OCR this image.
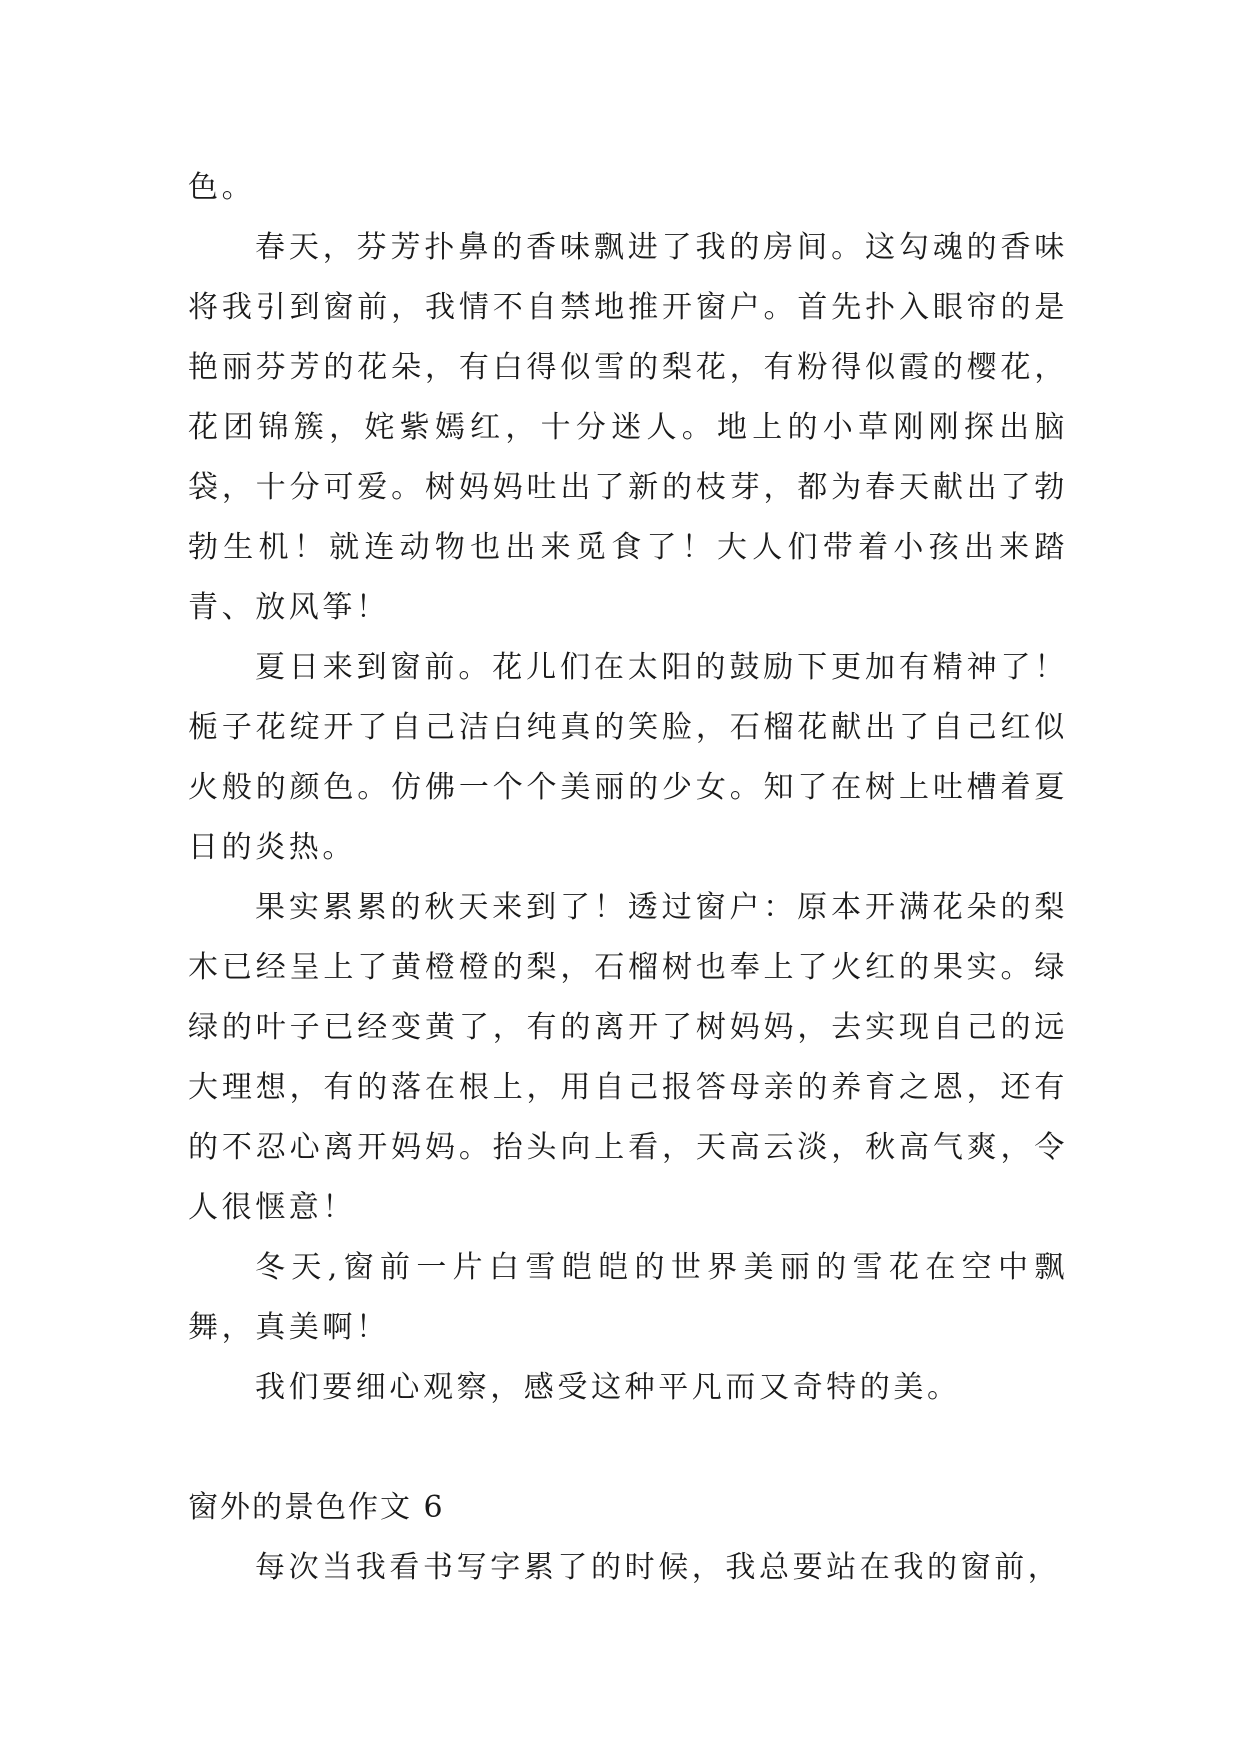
色。

春天，芬芳扑鼻的香味飘进了我的房间。这勾魂的香味将我引到窗前，我情不自禁地推开窗户。首先扑入眼帘的是艳丽芬芳的花朵，有白得似雪的梨花，有粉得似霞的樱花，花团锦簇，姹紫嫣红，十分迷人。地上的小草刚刚探出脑袋，十分可爱。树妈妈吐出了新的枝芽，都为春天献出了勃勃生机！就连动物也出来觅食了！大人们带着小孩出来踏青、放风筝！

夏日来到窗前。花儿们在太阳的鼓励下更加有精神了！栀子花绽开了自己洁白纯真的笑脸，石榴花献出了自己红似火般的颜色。仿佛一个个美丽的少女。知了在树上吐槽着夏日的炎热。

果实累累的秋天来到了！透过窗户：原本开满花朵的梨木已经呈上了黄橙橙的梨，石榴树也奉上了火红的果实。绿绿的叶子已经变黄了，有的离开了树妈妈，去实现自己的远大理想，有的落在根上，用自己报答母亲的养育之恩，还有的不忍心离开妈妈。抬头向上看，天高云淡，秋高气爽，令人很惬意！

冬天,窗前一片白雪皑皑的世界美丽的雪花在空中飘舞，真美啊！

我们要细心观察，感受这种平凡而又奇特的美。

窗外的景色作文 6

每次当我看书写字累了的时候，我总要站在我的窗前，
